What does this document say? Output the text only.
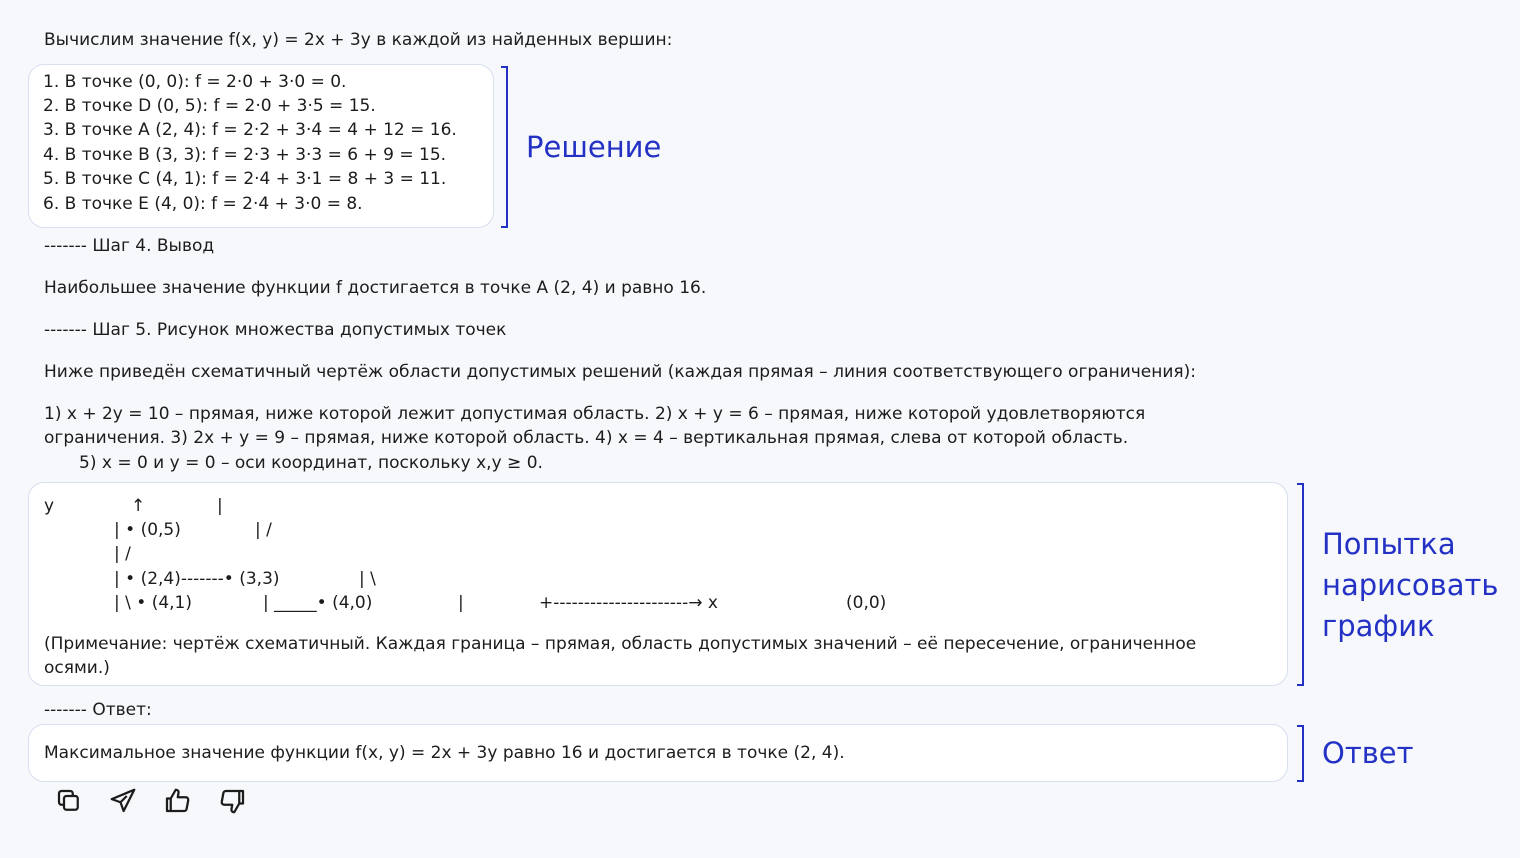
Вычислим значение f(x, y) = 2x + 3y в каждой из найденных вершин:
1. В точке (0, 0): f = 2·0 + 3·0 = 0.
2. В точке D (0, 5): f = 2·0 + 3·5 = 15.
3. В точке A (2, 4): f = 2·2 + 3·4 = 4 + 12 = 16.
4. В точке B (3, 3): f = 2·3 + 3·3 = 6 + 9 = 15.
5. В точке C (4, 1): f = 2·4 + 3·1 = 8 + 3 = 11.
6. В точке E (4, 0): f = 2·4 + 3·0 = 8.
Решение
------- Шаг 4. Вывод
Наибольшее значение функции f достигается в точке A (2, 4) и равно 16.
------- Шаг 5. Рисунок множества допустимых точек
Ниже приведён схематичный чертёж области допустимых решений (каждая прямая – линия соответствующего ограничения):
1) x + 2y = 10 – прямая, ниже которой лежит допустимая область. 2) x + y = 6 – прямая, ниже которой удовлетворяются
ограничения. 3) 2x + y = 9 – прямая, ниже которой область. 4) x = 4 – вертикальная прямая, слева от которой область.
5) x = 0 и y = 0 – оси координат, поскольку x,y ≥ 0.
y	↑	|
| • (0,5)	| /
| /
| • (2,4)-------• (3,3)	| \
| \ • (4,1)	| _____• (4,0)	|	+----------------------→ x	(0,0)
(Примечание: чертёж схематичный. Каждая граница – прямая, область допустимых значений – её пересечение, ограниченное
осями.)
Попытка
нарисовать
график
------- Ответ:
Максимальное значение функции f(x, y) = 2x + 3y равно 16 и достигается в точке (2, 4).	Ответ
